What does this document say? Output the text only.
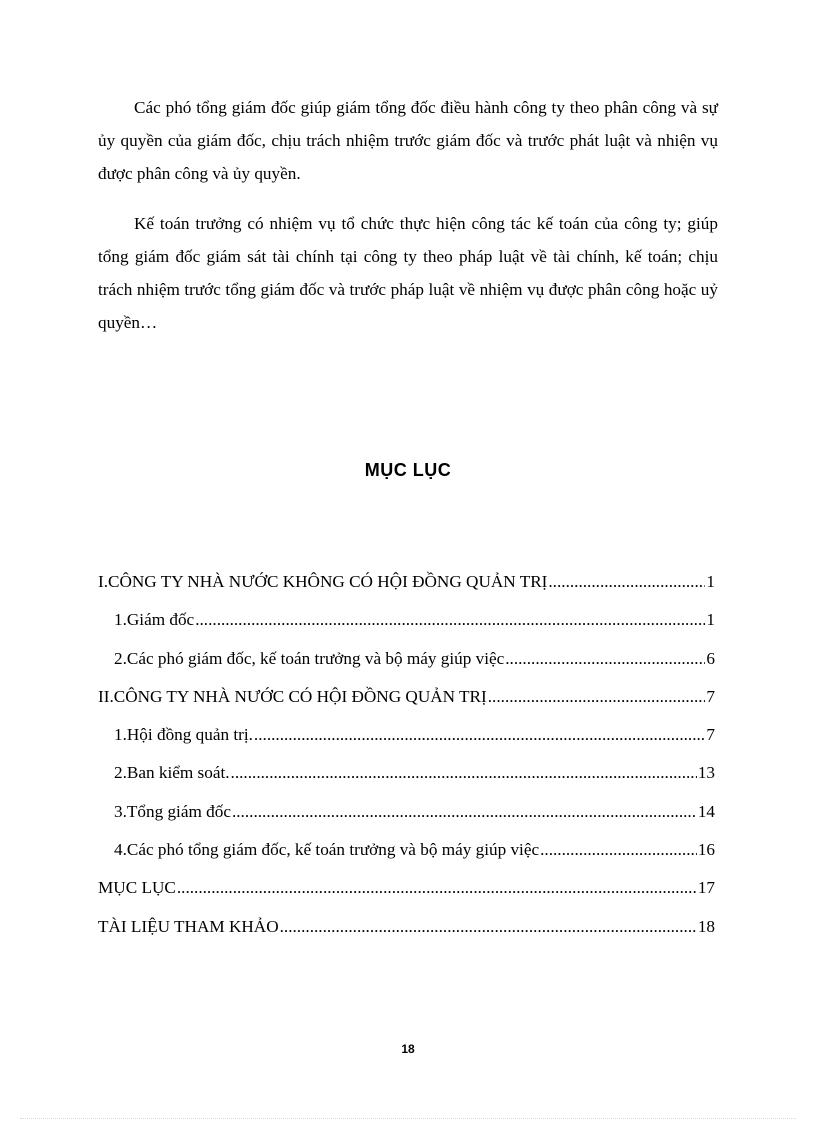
Các phó tổng giám đốc giúp giám tổng đốc điều hành công ty theo phân công và sự ủy quyền của giám đốc, chịu trách nhiệm trước giám đốc và trước phát luật và nhiện vụ được phân công và ủy quyền.

Kế toán trưởng có nhiệm vụ tổ chức thực hiện công tác kế toán của công ty; giúp tổng giám đốc giám sát tài chính tại công ty theo pháp luật về tài chính, kế toán; chịu trách nhiệm trước tổng giám đốc và trước pháp luật về nhiệm vụ được phân công hoặc uỷ quyền…

MỤC LỤC
I.CÔNG TY NHÀ NƯỚC KHÔNG CÓ HỘI ĐỒNG QUẢN TRỊ .....	1
1.Giám đốc .....	1
2.Các phó giám đốc, kế toán trưởng và bộ máy giúp việc .....	6
II.CÔNG TY NHÀ NƯỚC CÓ HỘI ĐỒNG QUẢN TRỊ .....	7
1.Hội đồng quản trị. .....	7
2.Ban kiểm soát. .....	13
3.Tổng giám đốc .....	14
4.Các phó tổng giám đốc, kế toán trưởng và bộ máy giúp việc .....	16
MỤC LỤC .....	17
TÀI LIỆU THAM KHẢO .....	18
18
